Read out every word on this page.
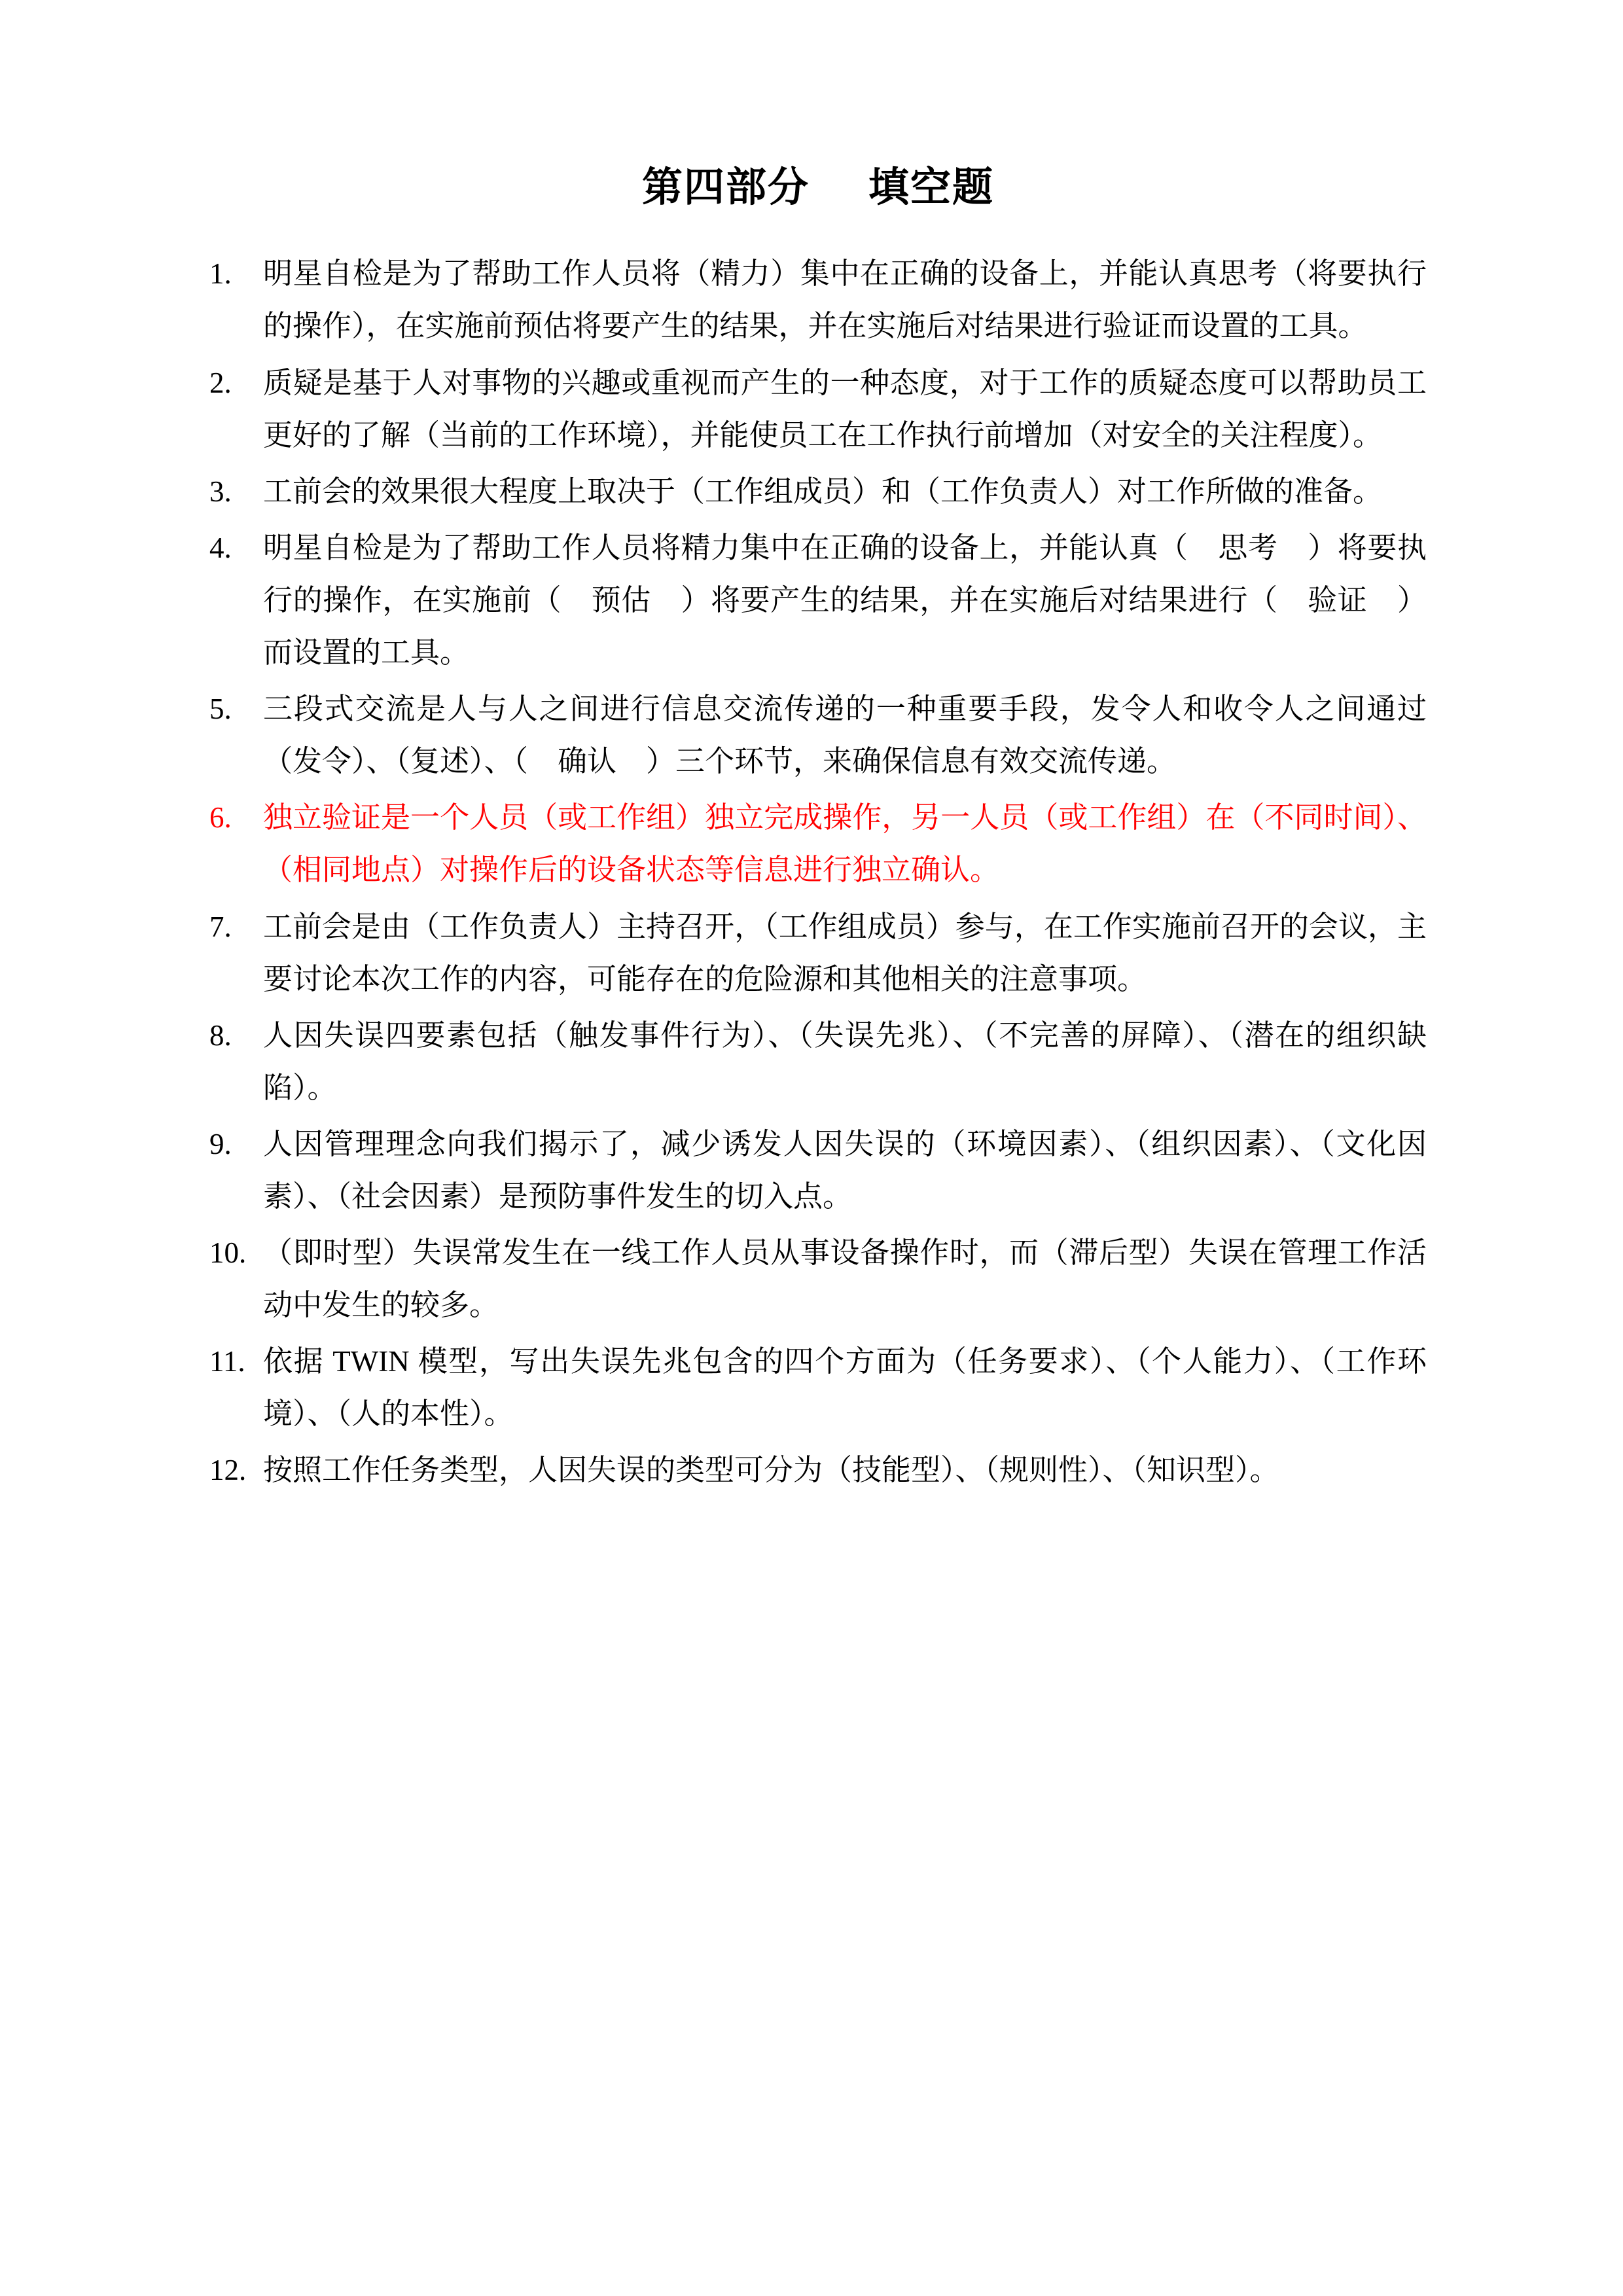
第四部分 填空题
1.	明星自检是为了帮助工作人员将（精力）集中在正确的设备上，并能认真思考（将要执行的操作），在实施前预估将要产生的结果，并在实施后对结果进行验证而设置的工具。
2.	质疑是基于人对事物的兴趣或重视而产生的一种态度，对于工作的质疑态度可以帮助员工更好的了解（当前的工作环境），并能使员工在工作执行前增加（对安全的关注程度）。
3.	工前会的效果很大程度上取决于（工作组成员）和（工作负责人）对工作所做的准备。
4.	明星自检是为了帮助工作人员将精力集中在正确的设备上，并能认真（　思考　）将要执行的操作，在实施前（　预估　）将要产生的结果，并在实施后对结果进行（　验证　）而设置的工具。
5.	三段式交流是人与人之间进行信息交流传递的一种重要手段，发令人和收令人之间通过（发令）、（复述）、（　确认　）三个环节，来确保信息有效交流传递。
6.	独立验证是一个人员（或工作组）独立完成操作，另一人员（或工作组）在（不同时间）、（相同地点）对操作后的设备状态等信息进行独立确认。
7.	工前会是由（工作负责人）主持召开，（工作组成员）参与，在工作实施前召开的会议，主要讨论本次工作的内容，可能存在的危险源和其他相关的注意事项。
8.	人因失误四要素包括（触发事件行为）、（失误先兆）、（不完善的屏障）、（潜在的组织缺陷）。
9.	人因管理理念向我们揭示了，减少诱发人因失误的（环境因素）、（组织因素）、（文化因素）、（社会因素）是预防事件发生的切入点。
10. （即时型）失误常发生在一线工作人员从事设备操作时，而（滞后型）失误在管理工作活动中发生的较多。
11. 依据 TWIN 模型，写出失误先兆包含的四个方面为（任务要求）、（个人能力）、（工作环境）、（人的本性）。
12. 按照工作任务类型，人因失误的类型可分为（技能型）、（规则性）、（知识型）。
